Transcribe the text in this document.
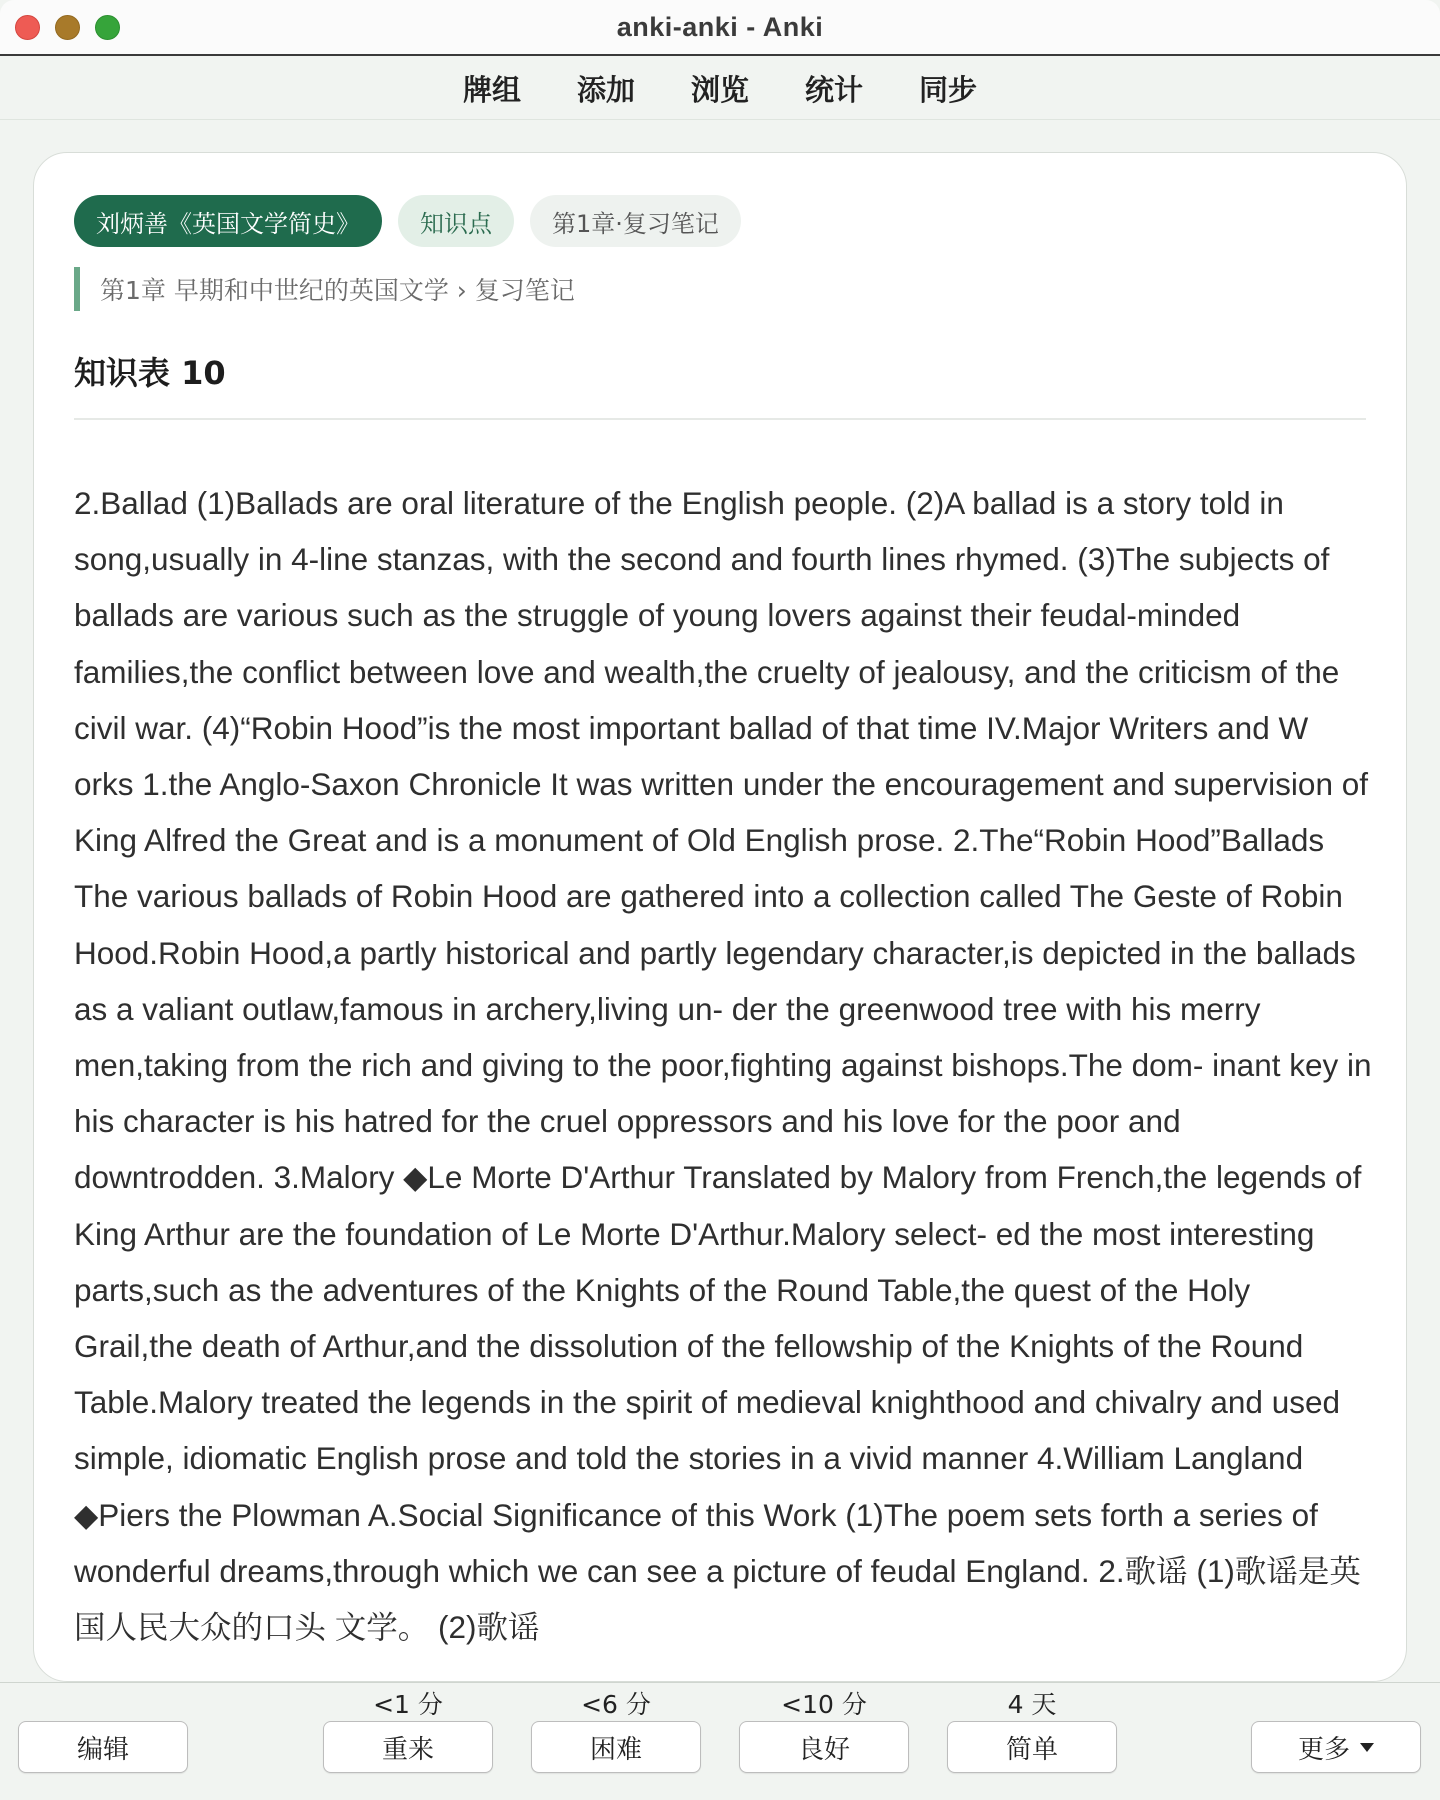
anki-anki - Anki
牌组	添加	浏览	统计	同步
刘炳善《英国文学简史》	知识点	第1章·复习笔记
第1章 早期和中世纪的英国文学 › 复习笔记
知识表 10
2.Ballad (1)Ballads are oral literature of the English people. (2)A ballad is a story told in song,usually in 4-line stanzas, with the second and fourth lines rhymed. (3)The subjects of ballads are various such as the struggle of young lovers against their feudal-minded families,the conflict between love and wealth,the cruelty of jealousy, and the criticism of the civil war. (4)“Robin Hood”is the most important ballad of that time IV.Major Writers and W orks 1.the Anglo-Saxon Chronicle It was written under the encouragement and supervision of King Alfred the Great and is a monument of Old English prose. 2.The“Robin Hood”Ballads The various ballads of Robin Hood are gathered into a collection called The Geste of Robin Hood.Robin Hood,a partly historical and partly legendary character,is depicted in the ballads as a valiant outlaw,famous in archery,living un- der the greenwood tree with his merry men,taking from the rich and giving to the poor,fighting against bishops.The dom- inant key in his character is his hatred for the cruel oppressors and his love for the poor and downtrodden. 3.Malory ◆Le Morte D'Arthur Translated by Malory from French,the legends of King Arthur are the foundation of Le Morte D'Arthur.Malory select- ed the most interesting parts,such as the adventures of the Knights of the Round Table,the quest of the Holy Grail,the death of Arthur,and the dissolution of the fellowship of the Knights of the Round Table.Malory treated the legends in the spirit of medieval knighthood and chivalry and used simple, idiomatic English prose and told the stories in a vivid manner 4.William Langland ◆Piers the Plowman A.Social Significance of this Work (1)The poem sets forth a series of wonderful dreams,through which we can see a picture of feudal England. 2.歌谣 (1)歌谣是英国人民大众的口头 文学。 (2)歌谣
编辑
<1 分
重来
<6 分
困难
<10 分
良好
4 天
简单	更多
